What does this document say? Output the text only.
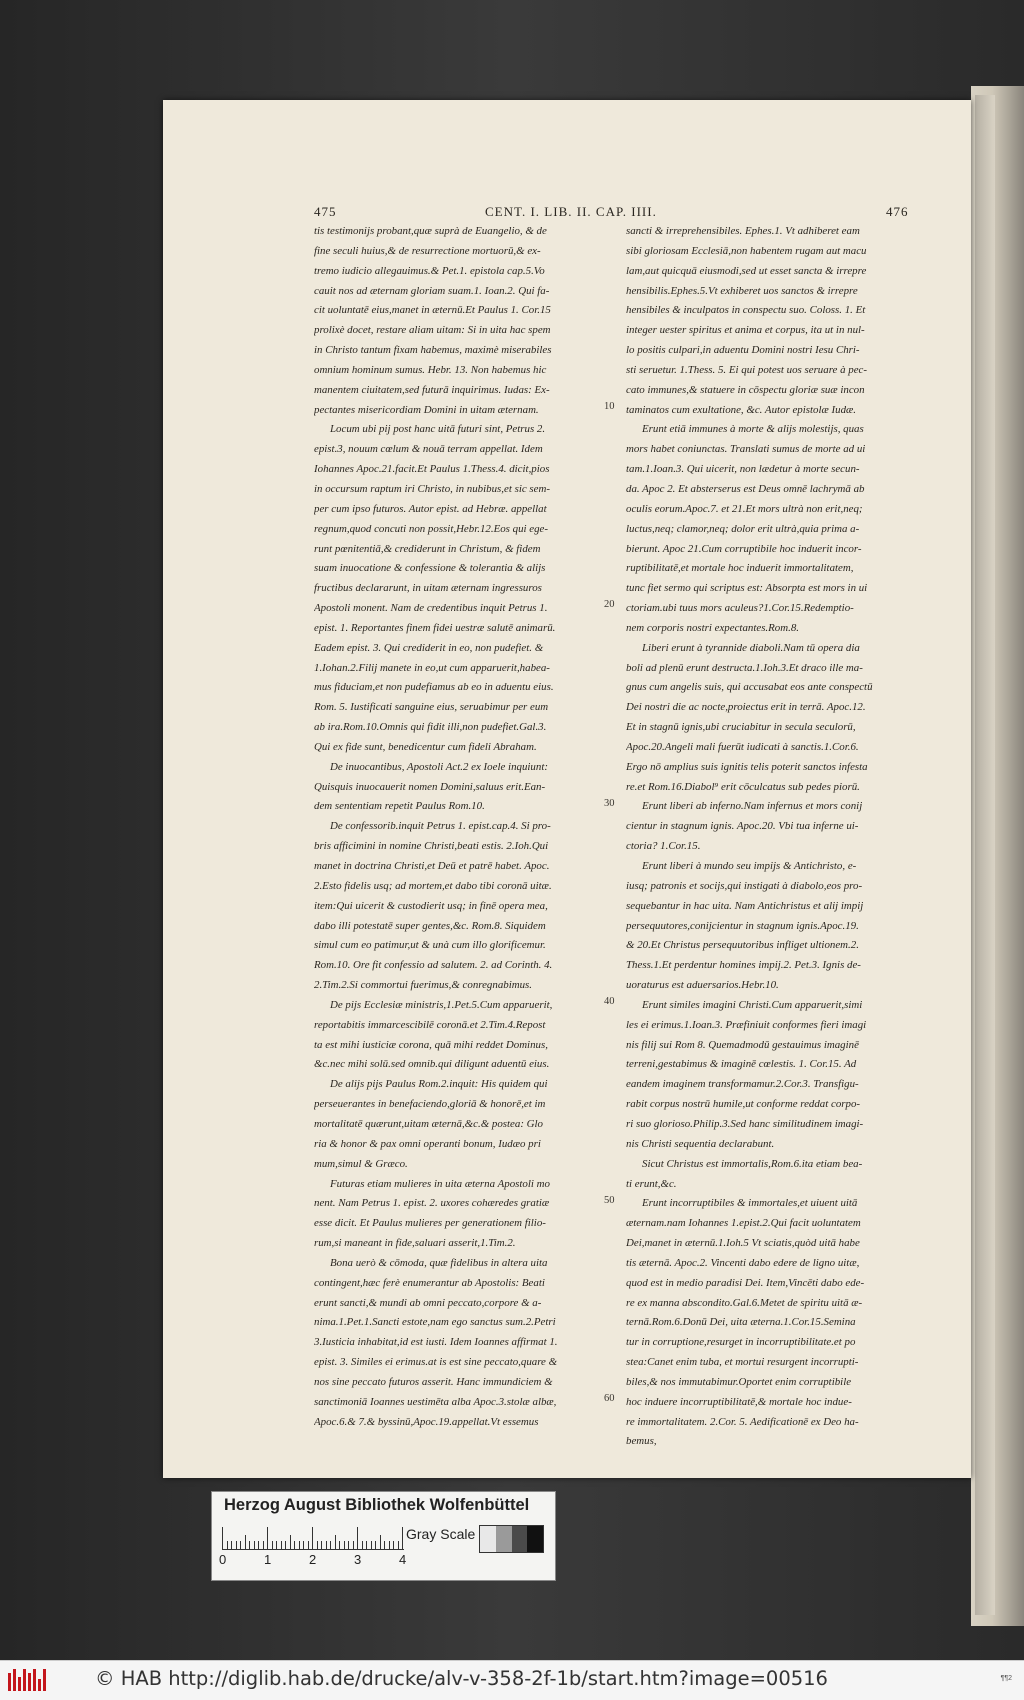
475	CENT. I. LIB. II. CAP. IIII.	476
tis testimonijs probant,quæ suprà de Euangelio, & de
fine seculi huius,& de resurrectione mortuorū,& ex-
tremo iudicio allegauimus.& Pet.1. epistola cap.5.Vo
cauit nos ad æternam gloriam suam.1. Ioan.2. Qui fa-
cit uoluntatē eius,manet in æternū.Et Paulus 1. Cor.15
prolixè docet, restare aliam uitam: Si in uita hac spem
in Christo tantum fixam habemus, maximè miserabiles
omnium hominum sumus. Hebr. 13. Non habemus hic
manentem ciuitatem,sed futurā inquirimus. Iudas: Ex-
pectantes misericordiam Domini in uitam æternam.
Locum ubi pij post hanc uitā futuri sint, Petrus 2.
epist.3, nouum cœlum & nouā terram appellat. Idem
Iohannes Apoc.21.facit.Et Paulus 1.Thess.4. dicit,pios
in occursum raptum iri Christo, in nubibus,et sic sem-
per cum ipso futuros. Autor epist. ad Hebræ. appellat
regnum,quod concuti non possit,Hebr.12.Eos qui ege-
runt pœnitentiā,& crediderunt in Christum, & fidem
suam inuocatione & confessione & tolerantia & alijs
fructibus declararunt, in uitam æternam ingressuros
Apostoli monent. Nam de credentibus inquit Petrus 1.
epist. 1. Reportantes finem fidei uestræ salutē animarū.
Eadem epist. 3. Qui crediderit in eo, non pudefiet. &
1.Iohan.2.Filij manete in eo,ut cum apparuerit,habea-
mus fiduciam,et non pudefiamus ab eo in aduentu eius.
Rom. 5. Iustificati sanguine eius, seruabimur per eum
ab ira.Rom.10.Omnis qui fidit illi,non pudefiet.Gal.3.
Qui ex fide sunt, benedicentur cum fideli Abraham.
De inuocantibus, Apostoli Act.2 ex Ioele inquiunt:
Quisquis inuocauerit nomen Domini,saluus erit.Ean-
dem sententiam repetit Paulus Rom.10.
De confessorib.inquit Petrus 1. epist.cap.4. Si pro-
bris afficimini in nomine Christi,beati estis. 2.Ioh.Qui
manet in doctrina Christi,et Deū et patrē habet. Apoc.
2.Esto fidelis usq; ad mortem,et dabo tibi coronā uitæ.
item:Qui uicerit & custodierit usq; in finē opera mea,
dabo illi potestatē super gentes,&c. Rom.8. Siquidem
simul cum eo patimur,ut & unà cum illo glorificemur.
Rom.10. Ore fit confessio ad salutem. 2. ad Corinth. 4.
2.Tim.2.Si commortui fuerimus,& conregnabimus.
De pijs Ecclesiæ ministris,1.Pet.5.Cum apparuerit,
reportabitis immarcescibilē coronā.et 2.Tim.4.Repost
ta est mihi iusticiæ corona, quā mihi reddet Dominus,
&c.nec mihi solū.sed omnib.qui diligunt aduentū eius.
De alijs pijs Paulus Rom.2.inquit: His quidem qui
perseuerantes in benefaciendo,gloriā & honorē,et im
mortalitatē quærunt,uitam æternā,&c.& postea: Glo
ria & honor & pax omni operanti bonum, Iudæo pri
mum,simul & Græco.
Futuras etiam mulieres in uita æterna Apostoli mo
nent. Nam Petrus 1. epist. 2. uxores cohæredes gratiæ
esse dicit. Et Paulus mulieres per generationem filio-
rum,si maneant in fide,saluari asserit,1.Tim.2.
Bona uerò & cōmoda, quæ fidelibus in altera uita
contingent,hæc ferè enumerantur ab Apostolis: Beati
erunt sancti,& mundi ab omni peccato,corpore & a-
nima.1.Pet.1.Sancti estote,nam ego sanctus sum.2.Petri
3.Iusticia inhabitat,id est iusti. Idem Ioannes affirmat 1.
epist. 3. Similes ei erimus.at is est sine peccato,quare &
nos sine peccato futuros asserit. Hanc immundiciem &
sanctimoniā Ioannes uestimēta alba Apoc.3.stolæ albæ,
Apoc.6.& 7.& byssinū,Apoc.19.appellat.Vt essemus
10
20
30
40
50
60
sancti & irreprehensibiles. Ephes.1. Vt adhiberet eam
sibi gloriosam Ecclesiā,non habentem rugam aut macu
lam,aut quicquā eiusmodi,sed ut esset sancta & irrepre
hensibilis.Ephes.5.Vt exhiberet uos sanctos & irrepre
hensibiles & inculpatos in conspectu suo. Coloss. 1. Et
integer uester spiritus et anima et corpus, ita ut in nul-
lo positis culpari,in aduentu Domini nostri Iesu Chri-
sti seruetur. 1.Thess. 5. Ei qui potest uos seruare à pec-
cato immunes,& statuere in cōspectu gloriæ suæ incon
taminatos cum exultatione, &c. Autor epistolæ Iudæ.
Erunt etiā immunes à morte & alijs molestijs, quas
mors habet coniunctas. Translati sumus de morte ad ui
tam.1.Ioan.3. Qui uicerit, non lædetur à morte secun-
da. Apoc 2. Et absterserus est Deus omnē lachrymā ab
oculis eorum.Apoc.7. et 21.Et mors ultrà non erit,neq;
luctus,neq; clamor,neq; dolor erit ultrà,quia prima a-
bierunt. Apoc 21.Cum corruptibile hoc induerit incor-
ruptibilitatē,et mortale hoc induerit immortalitatem,
tunc fiet sermo qui scriptus est: Absorpta est mors in ui
ctoriam.ubi tuus mors aculeus?1.Cor.15.Redemptio-
nem corporis nostri expectantes.Rom.8.
Liberi erunt à tyrannide diaboli.Nam tū opera dia
boli ad plenū erunt destructa.1.Ioh.3.Et draco ille ma-
gnus cum angelis suis, qui accusabat eos ante conspectū
Dei nostri die ac nocte,proiectus erit in terrā. Apoc.12.
Et in stagnū ignis,ubi cruciabitur in secula seculorū,
Apoc.20.Angeli mali fuerūt iudicati à sanctis.1.Cor.6.
Ergo nō amplius suis ignitis telis poterit sanctos infesta
re.et Rom.16.Diabol⁹ erit cōculcatus sub pedes piorū.
Erunt liberi ab inferno.Nam infernus et mors conij
cientur in stagnum ignis. Apoc.20. Vbi tua inferne ui-
ctoria? 1.Cor.15.
Erunt liberi à mundo seu impijs & Antichristo, e-
iusq; patronis et socijs,qui instigati à diabolo,eos pro-
sequebantur in hac uita. Nam Antichristus et alij impij
persequutores,conijcientur in stagnum ignis.Apoc.19.
& 20.Et Christus persequutoribus infliget ultionem.2.
Thess.1.Et perdentur homines impij.2. Pet.3. Ignis de-
uoraturus est aduersarios.Hebr.10.
Erunt similes imagini Christi.Cum apparuerit,simi
les ei erimus.1.Ioan.3. Præfiniuit conformes fieri imagi
nis filij sui Rom 8. Quemadmodū gestauimus imaginē
terreni,gestabimus & imaginē cœlestis. 1. Cor.15. Ad
eandem imaginem transformamur.2.Cor.3. Transfigu-
rabit corpus nostrū humile,ut conforme reddat corpo-
ri suo glorioso.Philip.3.Sed hanc similitudinem imagi-
nis Christi sequentia declarabunt.
Sicut Christus est immortalis,Rom.6.ita etiam bea-
ti erunt,&c.
Erunt incorruptibiles & immortales,et uiuent uitā
æternam.nam Iohannes 1.epist.2.Qui facit uoluntatem
Dei,manet in æternū.1.Ioh.5 Vt sciatis,quòd uitā habe
tis æternā. Apoc.2. Vincenti dabo edere de ligno uitæ,
quod est in medio paradisi Dei. Item,Vincēti dabo ede-
re ex manna abscondito.Gal.6.Metet de spiritu uitā æ-
ternā.Rom.6.Donū Dei, uita æterna.1.Cor.15.Semina
tur in corruptione,resurget in incorruptibilitate.et po
stea:Canet enim tuba, et mortui resurgent incorrupti-
biles,& nos immutabimur.Oportet enim corruptibile
hoc induere incorruptibilitatē,& mortale hoc indue-
re immortalitatem. 2.Cor. 5. Aedificationē ex Deo ha-
bemus,
Herzog August Bibliothek Wolfenbüttel
0	1	2	3	4
Gray Scale
© HAB http://diglib.hab.de/drucke/alv-v-358-2f-1b/start.htm?image=00516	¶¶2
